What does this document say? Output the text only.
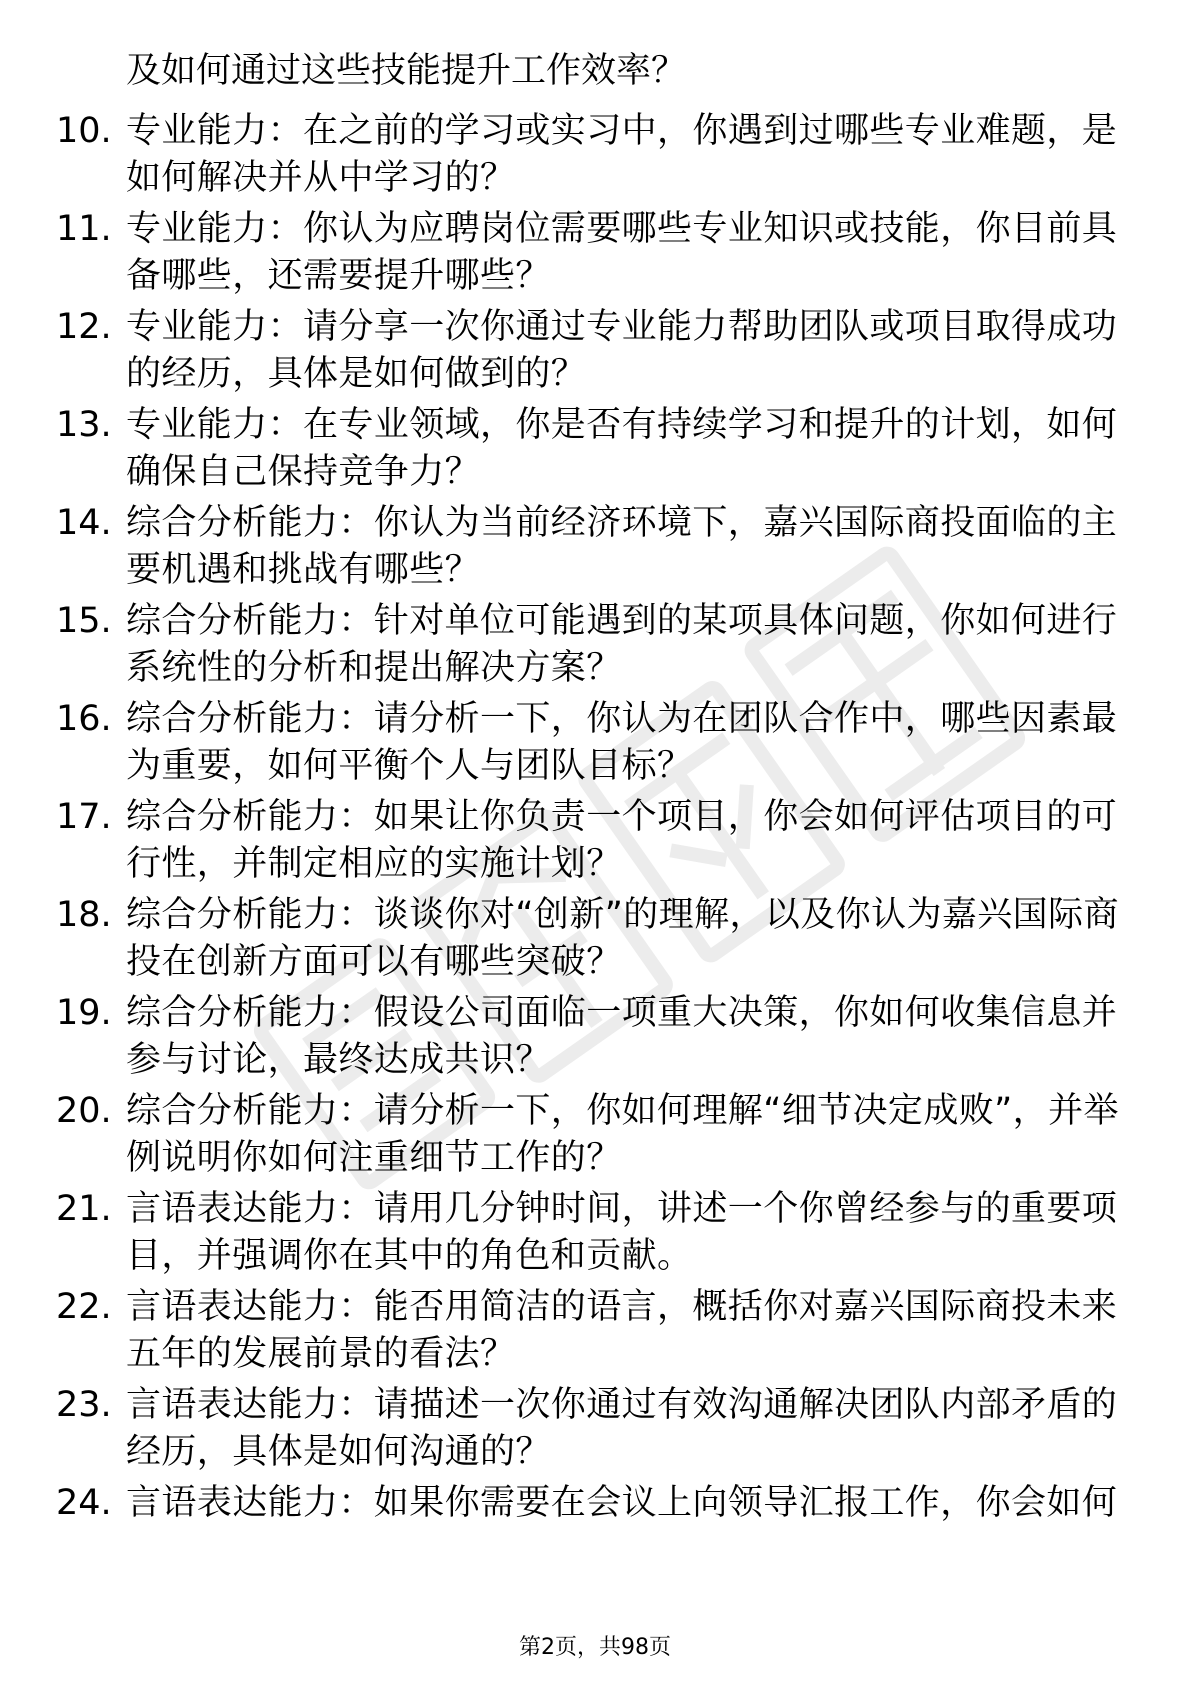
及如何通过这些技能提升工作效率？
10. 专业能力：在之前的学习或实习中，你遇到过哪些专业难题，是
如何解决并从中学习的？
11. 专业能力：你认为应聘岗位需要哪些专业知识或技能，你目前具
备哪些，还需要提升哪些？
12. 专业能力：请分享一次你通过专业能力帮助团队或项目取得成功
的经历，具体是如何做到的？
13. 专业能力：在专业领域，你是否有持续学习和提升的计划，如何
确保自己保持竞争力？
14. 综合分析能力：你认为当前经济环境下，嘉兴国际商投面临的主
要机遇和挑战有哪些？
15. 综合分析能力：针对单位可能遇到的某项具体问题，你如何进行
系统性的分析和提出解决方案？
16. 综合分析能力：请分析一下，你认为在团队合作中，哪些因素最
为重要，如何平衡个人与团队目标？
17. 综合分析能力：如果让你负责一个项目，你会如何评估项目的可
行性，并制定相应的实施计划？
18. 综合分析能力：谈谈你对“创新”的理解，以及你认为嘉兴国际商
投在创新方面可以有哪些突破？
19. 综合分析能力：假设公司面临一项重大决策，你如何收集信息并
参与讨论，最终达成共识？
20. 综合分析能力：请分析一下，你如何理解“细节决定成败”，并举
例说明你如何注重细节工作的？
21. 言语表达能力：请用几分钟时间，讲述一个你曾经参与的重要项
目，并强调你在其中的角色和贡献。
22. 言语表达能力：能否用简洁的语言，概括你对嘉兴国际商投未来
五年的发展前景的看法？
23. 言语表达能力：请描述一次你通过有效沟通解决团队内部矛盾的
经历，具体是如何沟通的？
24. 言语表达能力：如果你需要在会议上向领导汇报工作，你会如何
第2页，共98页
